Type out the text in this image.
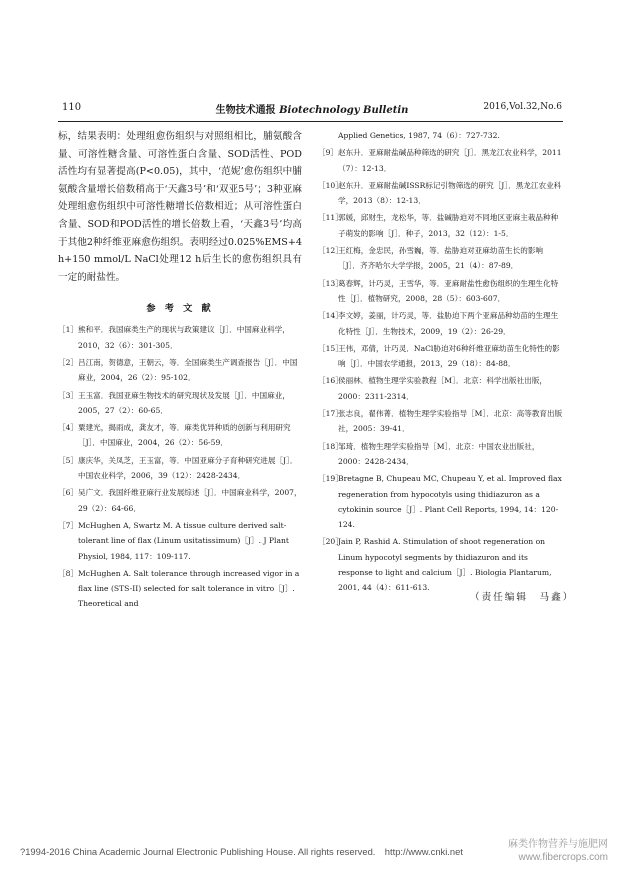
110	生物技术通报 Biotechnology Bulletin	2016,Vol.32,No.6

标，结果表明：处理组愈伤组织与对照组相比，脯氨酸含量、可溶性糖含量、可溶性蛋白含量、SOD活性、POD活性均有显著提高(P<0.05)，其中，‘范妮’愈伤组织中脯氨酸含量增长倍数稍高于‘天鑫3号’和‘双亚5号’；3种亚麻处理组愈伤组织中可溶性糖增长倍数相近；从可溶性蛋白含量、SOD和POD活性的增长倍数上看，‘天鑫3号’均高于其他2种纤维亚麻愈伤组织。表明经过0.025%EMS+4 h+150 mmol/L NaCl处理12 h后生长的愈伤组织具有一定的耐盐性。

参 考 文 献
［1］熊和平．我国麻类生产的现状与政策建议［J］．中国麻业科学，2010，32（6）：301-305．
［2］吕江南，贺德意，王朝云，等．全国麻类生产调查报告［J］．中国麻业，2004，26（2）：95-102．
［3］王玉富．我国亚麻生物技术的研究现状及发展［J］．中国麻业，2005，27（2）：60-65．
［4］粟建光，揭雨成，龚友才，等．麻类优异种质的创新与利用研究［J］．中国麻业，2004，26（2）：56-59．
［5］康庆华，关凤芝，王玉富，等．中国亚麻分子育种研究进展［J］．中国农业科学，2006，39（12）：2428-2434．
［6］吴广文．我国纤维亚麻行业发展综述［J］．中国麻业科学，2007，29（2）：64-66．
［7］McHughen A, Swartz M. A tissue culture derived salt-tolerant line of flax (Linum usitatissimum)［J］. J Plant Physiol, 1984, 117：109-117.
［8］McHughen A. Salt tolerance through increased vigor in a flax line (STS-II) selected for salt tolerance in vitro［J］. Theoretical and
Applied Genetics, 1987, 74（6）：727-732.
［9］赵东升．亚麻耐盐碱品种筛选的研究［J］．黑龙江农业科学，2011（7）：12-13．
［10］赵东升．亚麻耐盐碱ISSR标记引物筛选的研究［J］．黑龙江农业科学，2013（8）：12-13．
［11］郭媛，邱财生，龙松华，等．盐碱胁迫对不同地区亚麻主栽品种种子萌发的影响［J］．种子，2013，32（12）：1-5．
［12］王红梅，金忠民，孙雪巍，等．盐胁迫对亚麻幼苗生长的影响［J］．齐齐哈尔大学学报，2005，21（4）：87-89．
［13］葛春辉，计巧灵，王雪华，等．亚麻耐盐性愈伤组织的生理生化特性［J］．植物研究，2008，28（5）：603-607．
［14］李文婷，姜丽，计巧灵，等．盐胁迫下两个亚麻品种幼苗的生理生化特性［J］．生物技术，2009，19（2）：26-29．
［15］王伟，邓倩，计巧灵．NaCl胁迫对6种纤维亚麻幼苗生化特性的影响［J］．中国农学通报，2013，29（18）：84-88．
［16］侯丽林．植物生理学实验教程［M］．北京：科学出版社出版，2000：2311-2314．
［17］张志良，翟伟菁．植物生理学实验指导［M］．北京：高等教育出版社，2005：39-41．
［18］邹琦．植物生理学实验指导［M］．北京：中国农业出版社，2000：2428-2434．
［19］Bretagne B, Chupeau MC, Chupeau Y, et al. Improved flax regeneration from hypocotyls using thidiazuron as a cytokinin source［J］. Plant Cell Reports, 1994, 14：120-124.
［20］Jain P, Rashid A. Stimulation of shoot regeneration on Linum hypocotyl segments by thidiazuron and its response to light and calcium［J］. Biologia Plantarum, 2001, 44（4）：611-613.
（责任编辑　马鑫）
?1994-2016 China Academic Journal Electronic Publishing House. All rights reserved.　http://www.cnki.net
麻类作物营养与施肥网
www.fibercrops.com
